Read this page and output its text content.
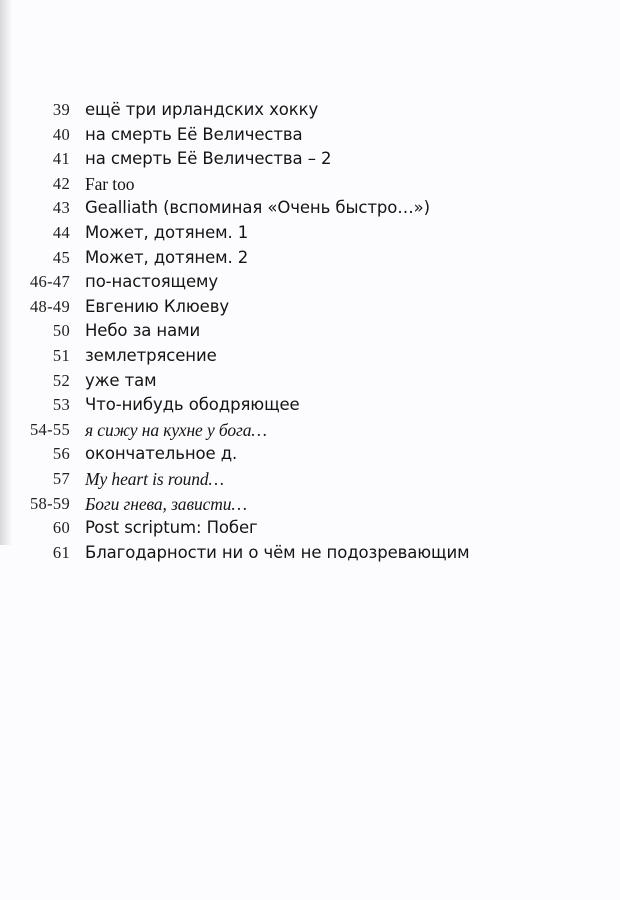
39 ещё три ирландских хокку
40 на смерть Её Величества
41 на смерть Её Величества – 2
42 Far too
43 Gealliath (вспоминая «Очень быстро…»)
44 Может, дотянем. 1
45 Может, дотянем. 2
46-47 по-настоящему
48-49 Евгению Клюеву
50 Небо за нами
51 землетрясение
52 уже там
53 Что-нибудь ободряющее
54-55 я сижу на кухне у бога…
56 окончательное д.
57 My heart is round…
58-59 Боги гнева, зависти…
60 Post scriptum: Побег
61 Благодарности ни о чём не подозревающим
